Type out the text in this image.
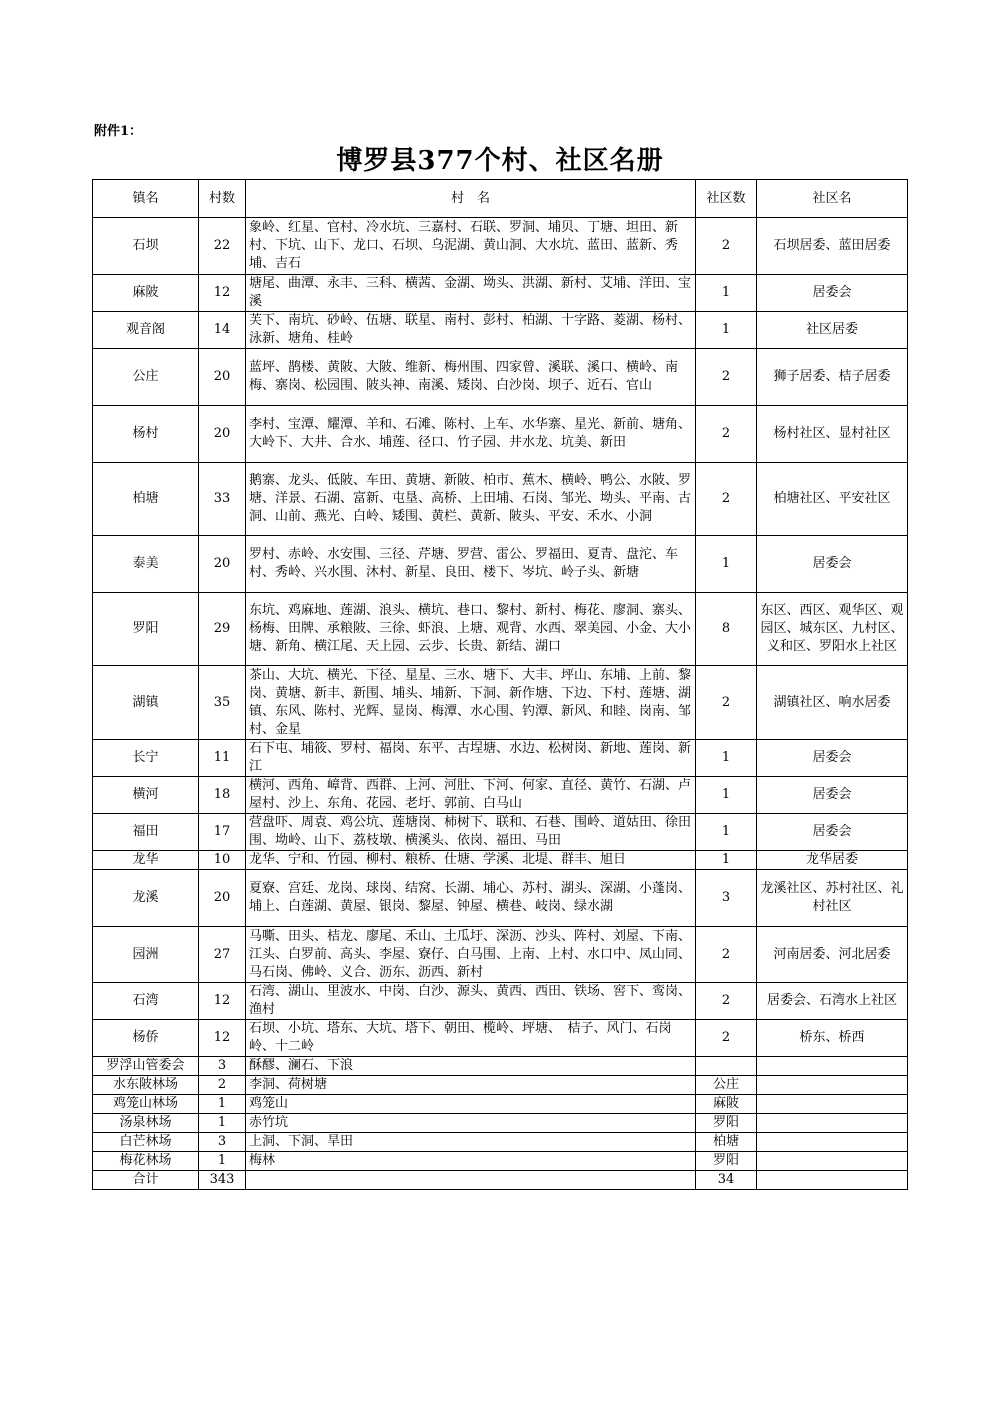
附件1：
博罗县377个村、社区名册
镇名	村数	村　名	社区数	社区名
石坝	22	象岭、红星、官村、冷水坑、三嘉村、石联、罗洞、埔贝、丁塘、坦田、新村、下坑、山下、龙口、石坝、乌泥湖、黄山洞、大水坑、蓝田、蓝新、秀埔、吉石	2	石坝居委、蓝田居委
麻陂	12	塘尾、曲潭、永丰、三科、横茜、金湖、坳头、洪湖、新村、艾埔、洋田、宝溪	1	居委会
观音阁	14	芙下、南坑、砂岭、伍塘、联星、南村、彭村、柏湖、十字路、菱湖、杨村、泳新、塘角、桂岭	1	社区居委
公庄	20	蓝坪、鹊楼、黄陂、大陂、维新、梅州围、四家曾、溪联、溪口、横岭、南梅、寨岗、松园围、陂头神、南溪、矮岗、白沙岗、坝子、近石、官山	2	狮子居委、桔子居委
杨村	20	李村、宝潭、耀潭、羊和、石滩、陈村、上车、水华寨、星光、新前、塘角、大岭下、大井、合水、埔莲、径口、竹子园、井水龙、坑美、新田	2	杨村社区、显村社区
柏塘	33	鹅寨、龙头、低陂、车田、黄塘、新陂、柏市、蕉木、横岭、鸭公、水陂、罗塘、洋景、石湖、富新、屯垦、高桥、上田埔、石岗、邹光、坳头、平南、古洞、山前、燕光、白岭、矮围、黄栏、黄新、陂头、平安、禾水、小洞	2	柏塘社区、平安社区
泰美	20	罗村、赤岭、水安围、三径、芹塘、罗营、雷公、罗福田、夏青、盘沱、车村、秀岭、兴水围、沐村、新星、良田、楼下、岑坑、岭子头、新塘	1	居委会
罗阳	29	东坑、鸡麻地、莲湖、浪头、横坑、巷口、黎村、新村、梅花、廖洞、寨头、杨梅、田牌、承粮陂、三徐、虾浪、上塘、观背、水西、翠美园、小金、大小塘、新角、横江尾、天上园、云步、长贵、新结、湖口	8	东区、西区、观华区、观园区、城东区、九村区、义和区、罗阳水上社区
湖镇	35	茶山、大坑、横光、下径、星星、三水、塘下、大丰、坪山、东埔、上前、黎岗、黄塘、新丰、新围、埔头、埔新、下洞、新作塘、下边、下村、莲塘、湖镇、东风、陈村、光辉、显岗、梅潭、水心围、钓潭、新风、和睦、岗南、邹村、金星	2	湖镇社区、响水居委
长宁	11	石下屯、埔筱、罗村、福岗、东平、古埕塘、水边、松树岗、新地、莲岗、新江	1	居委会
横河	18	横河、西角、嶂背、西群、上河、河肚、下河、何家、直径、黄竹、石湖、卢屋村、沙上、东角、花园、老圩、郭前、白马山	1	居委会
福田	17	营盘吓、周袁、鸡公坑、莲塘岗、柿树下、联和、石巷、围岭、道姑田、徐田围、坳岭、山下、荔枝墩、横溪头、依岗、福田、马田	1	居委会
龙华	10	龙华、宁和、竹园、柳村、粮桥、仕塘、学溪、北堤、群丰、旭日	1	龙华居委
龙溪	20	夏寮、宫廷、龙岗、球岗、结窝、长湖、埔心、苏村、湖头、深湖、小蓬岗、埔上、白莲湖、黄屋、银岗、黎屋、钟屋、横巷、岐岗、绿水湖	3	龙溪社区、苏村社区、礼村社区
园洲	27	马嘶、田头、桔龙、廖尾、禾山、土瓜圩、深沥、沙头、阵村、刘屋、下南、江头、白罗前、高头、李屋、寮仔、白马围、上南、上村、水口中、凤山同、马石岗、佛岭、义合、沥东、沥西、新村	2	河南居委、河北居委
石湾	12	石湾、湖山、里波水、中岗、白沙、源头、黄西、西田、铁场、窖下、鸾岗、渔村	2	居委会、石湾水上社区
杨侨	12	石坝、小坑、塔东、大坑、塔下、朝田、榄岭、坪塘、　桔子、风门、石岗岭、十二岭	2	桥东、桥西
罗浮山管委会	3	酥醪、澜石、下浪		
水东陂林场	2	李洞、荷树塘	公庄	
鸡笼山林场	1	鸡笼山	麻陂	
汤泉林场	1	赤竹坑	罗阳	
白芒林场	3	上洞、下洞、旱田	柏塘	
梅花林场	1	梅林	罗阳	
合计	343		34	
